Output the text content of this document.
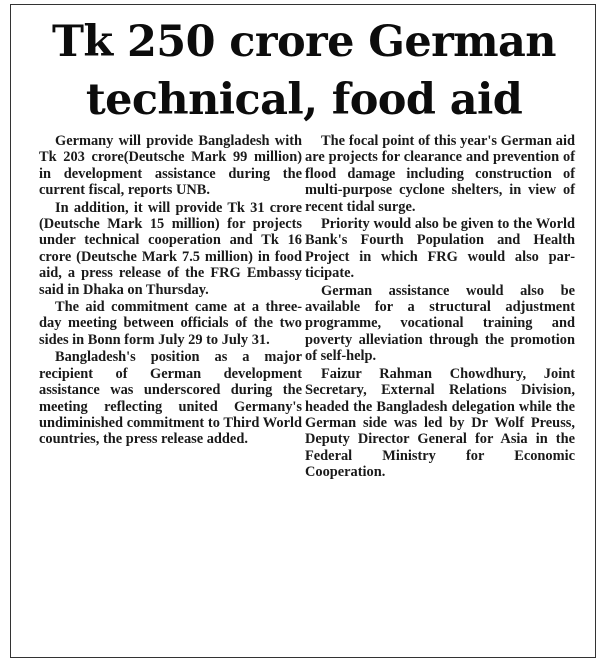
Tk 250 crore German
technical, food aid

Germany will provide Bangladesh with Tk 203 crore(Deutsche Mark 99 million) in development assistance during the current fiscal, reports UNB.

In addition, it will provide Tk 31 crore (Deutsche Mark 15 million) for projects under technical cooperation and Tk 16 crore (Deutsche Mark 7.5 million) in food aid, a press release of the FRG Embassy said in Dhaka on Thursday.

The aid commitment came at a three-day meeting between officials of the two sides in Bonn form July 29 to July 31.

Bangladesh's position as a major recipient of German development assistance was underscored during the meeting reflecting united Germany's undiminished commitment to Third World countries, the press release added.

The focal point of this year's German aid are projects for clearance and prevention of flood damage including construction of multi-purpose cyclone shelters, in view of recent tidal surge.

Priority would also be given to the World Bank's Fourth Population and Health Project in which FRG would also participate.

German assistance would also be available for a structural adjustment programme, vocational training and poverty alleviation through the promotion of self-help.

Faizur Rahman Chowdhury, Joint Secretary, External Relations Division, headed the Bangladesh delegation while the German side was led by Dr Wolf Preuss, Deputy Director General for Asia in the Federal Ministry for Economic Cooperation.
